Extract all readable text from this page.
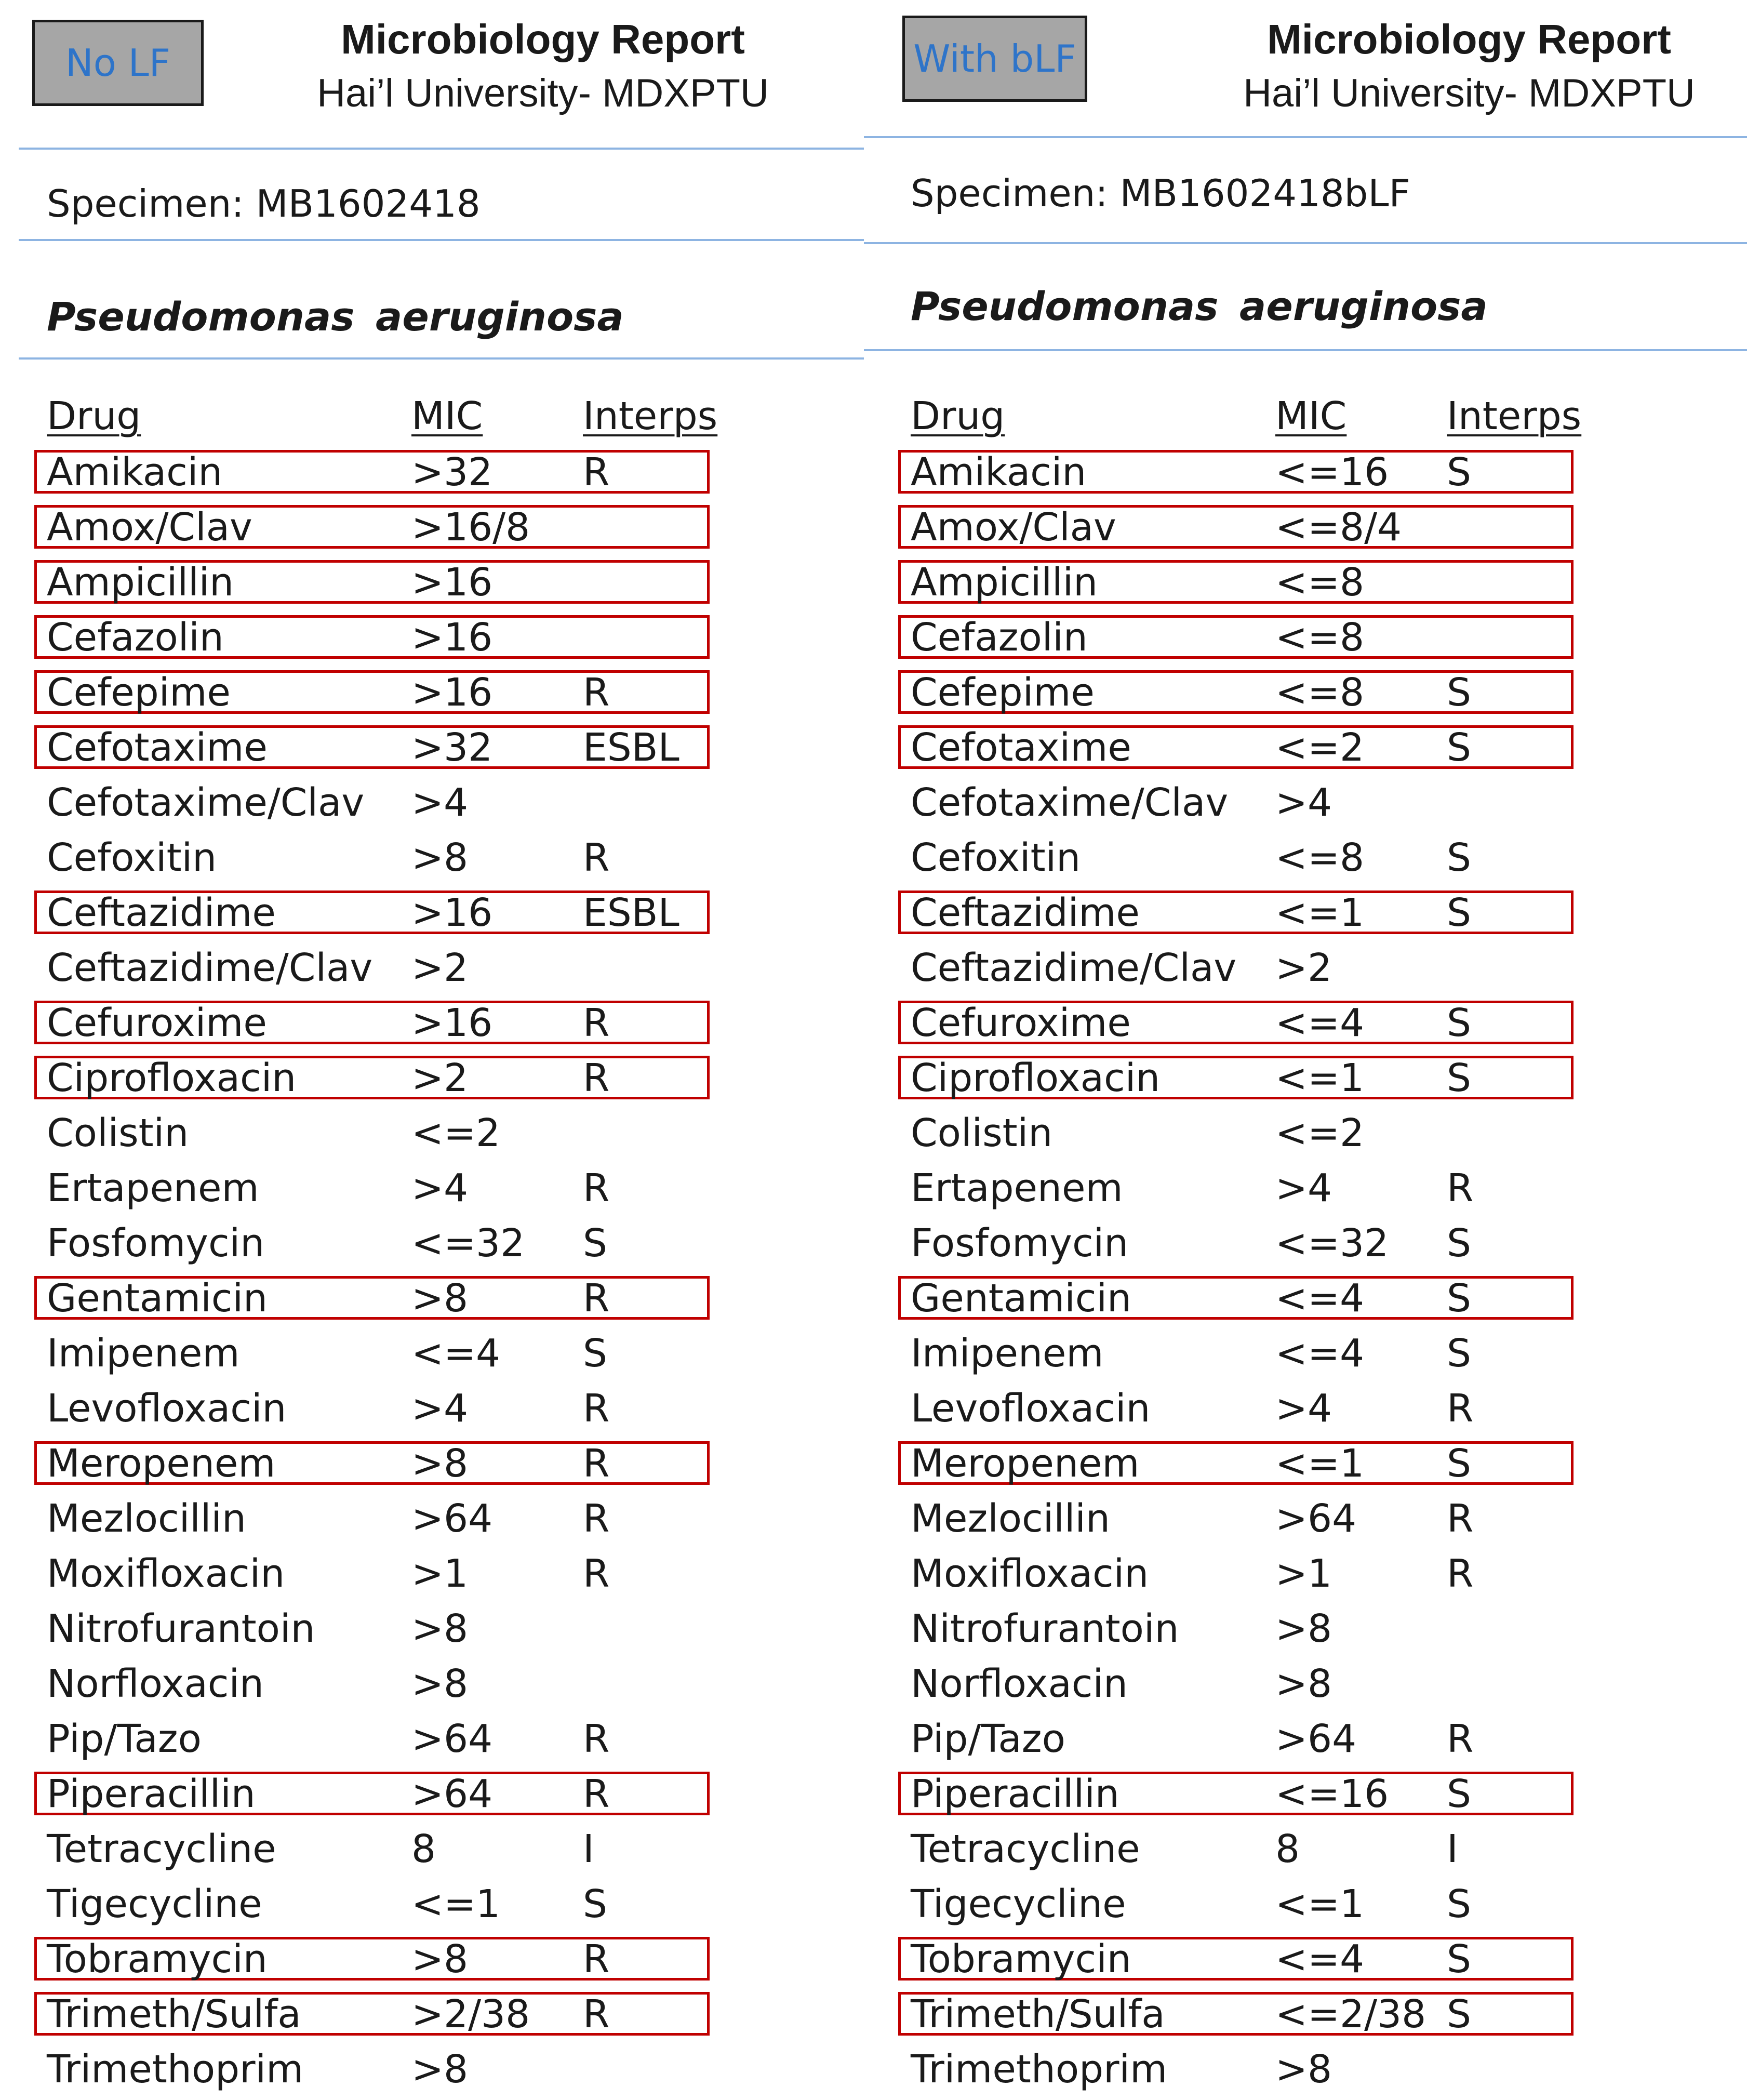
No LF
Microbiology Report
Hai’l University- MDXPTU
Specimen: MB1602418
Pseudomonas aeruginosa
Drug	MIC	Interps
Amikacin	>32 R
Amox/Clav	>16/8
Ampicillin	>16
Cefazolin	>16
Cefepime	>16 R
Cefotaxime	>32 ESBL
Cefotaxime/Clav >4
Cefoxitin	>8	R
Ceftazidime	>16 ESBL
Ceftazidime/Clav >2
Cefuroxime	>16 R
Ciprofloxacin	>2	R
Colistin	<=2
Ertapenem	>4	R
Fosfomycin	<=32 S
Gentamicin	>8	R
Imipenem	<=4 S
Levofloxacin	>4	R
Meropenem	>8	R
Mezlocillin	>64 R
Moxifloxacin	>1	R
Nitrofurantoin	>8
Norfloxacin	>8
Pip/Tazo	>64 R
Piperacillin	>64 R
Tetracycline	8	I
Tigecycline	<=1 S
Tobramycin	>8	R
Trimeth/Sulfa	>2/38 R
Trimethoprim	>8
With bLF	Microbiology Report
Hai’l University- MDXPTU
Specimen: MB1602418bLF
Pseudomonas aeruginosa
Drug	MIC	Interps
Amikacin	<=16 S
Amox/Clav	<=8/4
Ampicillin	<=8
Cefazolin	<=8
Cefepime	<=8 S
Cefotaxime	<=2 S
Cefotaxime/Clav >4
Cefoxitin	<=8 S
Ceftazidime	<=1 S
Ceftazidime/Clav >2
Cefuroxime	<=4 S
Ciprofloxacin	<=1 S
Colistin	<=2
Ertapenem	>4	R
Fosfomycin	<=32 S
Gentamicin	<=4 S
Imipenem	<=4 S
Levofloxacin	>4	R
Meropenem	<=1 S
Mezlocillin	>64 R
Moxifloxacin	>1	R
Nitrofurantoin	>8
Norfloxacin	>8
Pip/Tazo	>64 R
Piperacillin	<=16 S
Tetracycline	8	I
Tigecycline	<=1 S
Tobramycin	<=4 S
Trimeth/Sulfa	<=2/38 S
Trimethoprim	>8
